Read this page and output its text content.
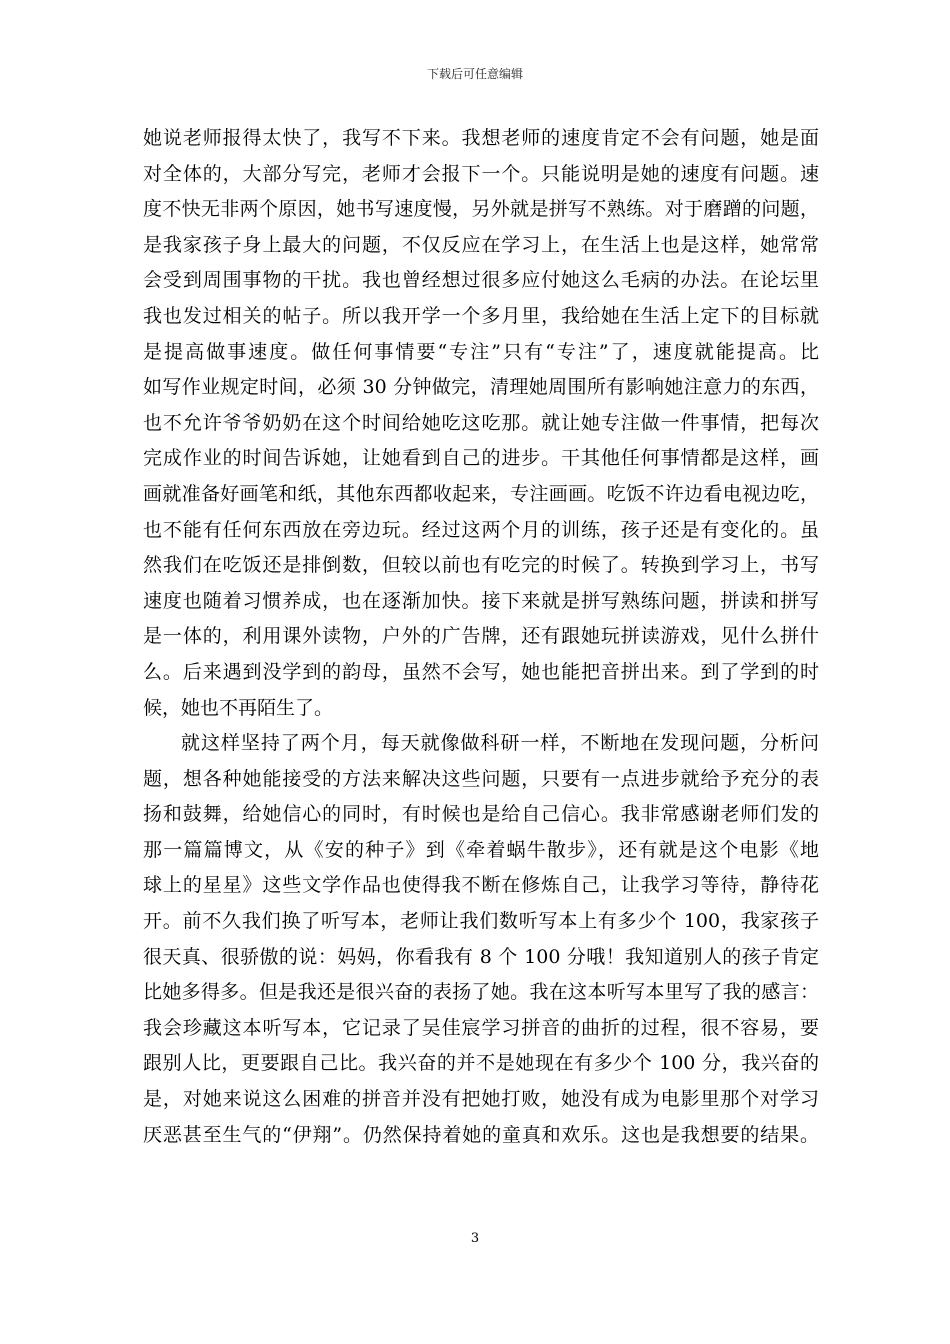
下载后可任意编辑
她说老师报得太快了，我写不下来。我想老师的速度肯定不会有问题，她是面
对全体的，大部分写完，老师才会报下一个。只能说明是她的速度有问题。速
度不快无非两个原因，她书写速度慢，另外就是拼写不熟练。对于磨蹭的问题，
是我家孩子身上最大的问题，不仅反应在学习上，在生活上也是这样，她常常
会受到周围事物的干扰。我也曾经想过很多应付她这么毛病的办法。在论坛里
我也发过相关的帖子。所以我开学一个多月里，我给她在生活上定下的目标就
是提高做事速度。做任何事情要“专注”只有“专注”了，速度就能提高。比
如写作业规定时间，必须 30 分钟做完，清理她周围所有影响她注意力的东西，
也不允许爷爷奶奶在这个时间给她吃这吃那。就让她专注做一件事情，把每次
完成作业的时间告诉她，让她看到自己的进步。干其他任何事情都是这样，画
画就准备好画笔和纸，其他东西都收起来，专注画画。吃饭不许边看电视边吃，
也不能有任何东西放在旁边玩。经过这两个月的训练，孩子还是有变化的。虽
然我们在吃饭还是排倒数，但较以前也有吃完的时候了。转换到学习上，书写
速度也随着习惯养成，也在逐渐加快。接下来就是拼写熟练问题，拼读和拼写
是一体的，利用课外读物，户外的广告牌，还有跟她玩拼读游戏，见什么拼什
么。后来遇到没学到的韵母，虽然不会写，她也能把音拼出来。到了学到的时
候，她也不再陌生了。
就这样坚持了两个月，每天就像做科研一样，不断地在发现问题，分析问
题，想各种她能接受的方法来解决这些问题，只要有一点进步就给予充分的表
扬和鼓舞，给她信心的同时，有时候也是给自己信心。我非常感谢老师们发的
那一篇篇博文，从《安的种子》到《牵着蜗牛散步》，还有就是这个电影《地
球上的星星》这些文学作品也使得我不断在修炼自己，让我学习等待，静待花
开。前不久我们换了听写本，老师让我们数听写本上有多少个 100，我家孩子
很天真、很骄傲的说：妈妈，你看我有 8 个 100 分哦！我知道别人的孩子肯定
比她多得多。但是我还是很兴奋的表扬了她。我在这本听写本里写了我的感言：
我会珍藏这本听写本，它记录了吴佳宸学习拼音的曲折的过程，很不容易，要
跟别人比，更要跟自己比。我兴奋的并不是她现在有多少个 100 分，我兴奋的
是，对她来说这么困难的拼音并没有把她打败，她没有成为电影里那个对学习
厌恶甚至生气的“伊翔”。仍然保持着她的童真和欢乐。这也是我想要的结果。
3
